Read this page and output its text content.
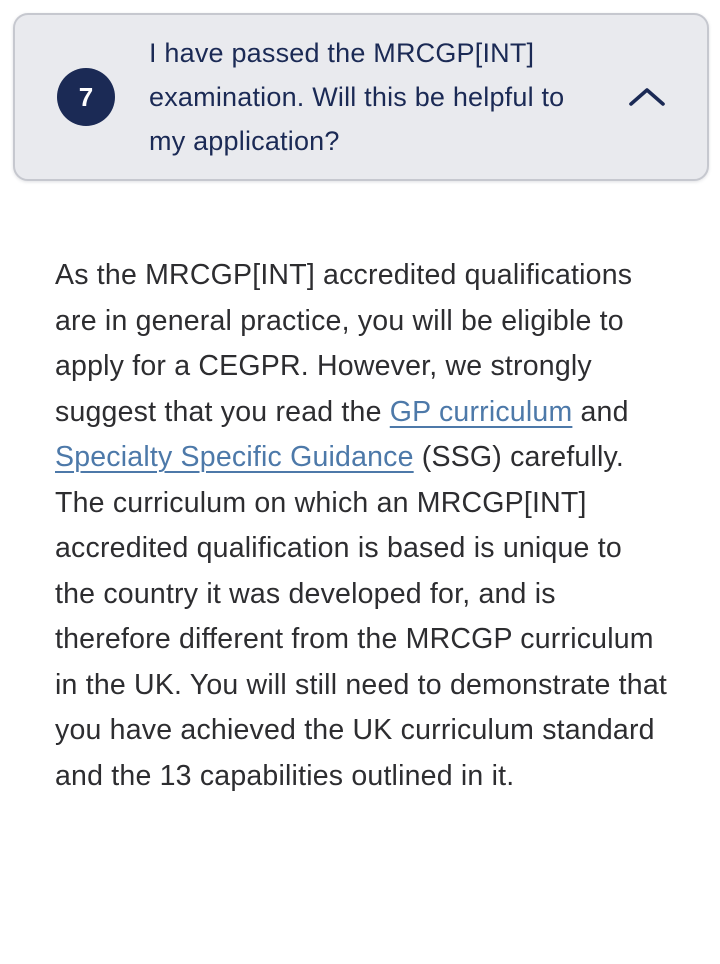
7
I have passed the MRCGP[INT] examination. Will this be helpful to my application?
As the MRCGP[INT] accredited qualifications are in general practice, you will be eligible to apply for a CEGPR. However, we strongly suggest that you read the GP curriculum and Specialty Specific Guidance (SSG) carefully. The curriculum on which an MRCGP[INT] accredited qualification is based is unique to the country it was developed for, and is therefore different from the MRCGP curriculum in the UK. You will still need to demonstrate that you have achieved the UK curriculum standard and the 13 capabilities outlined in it.
